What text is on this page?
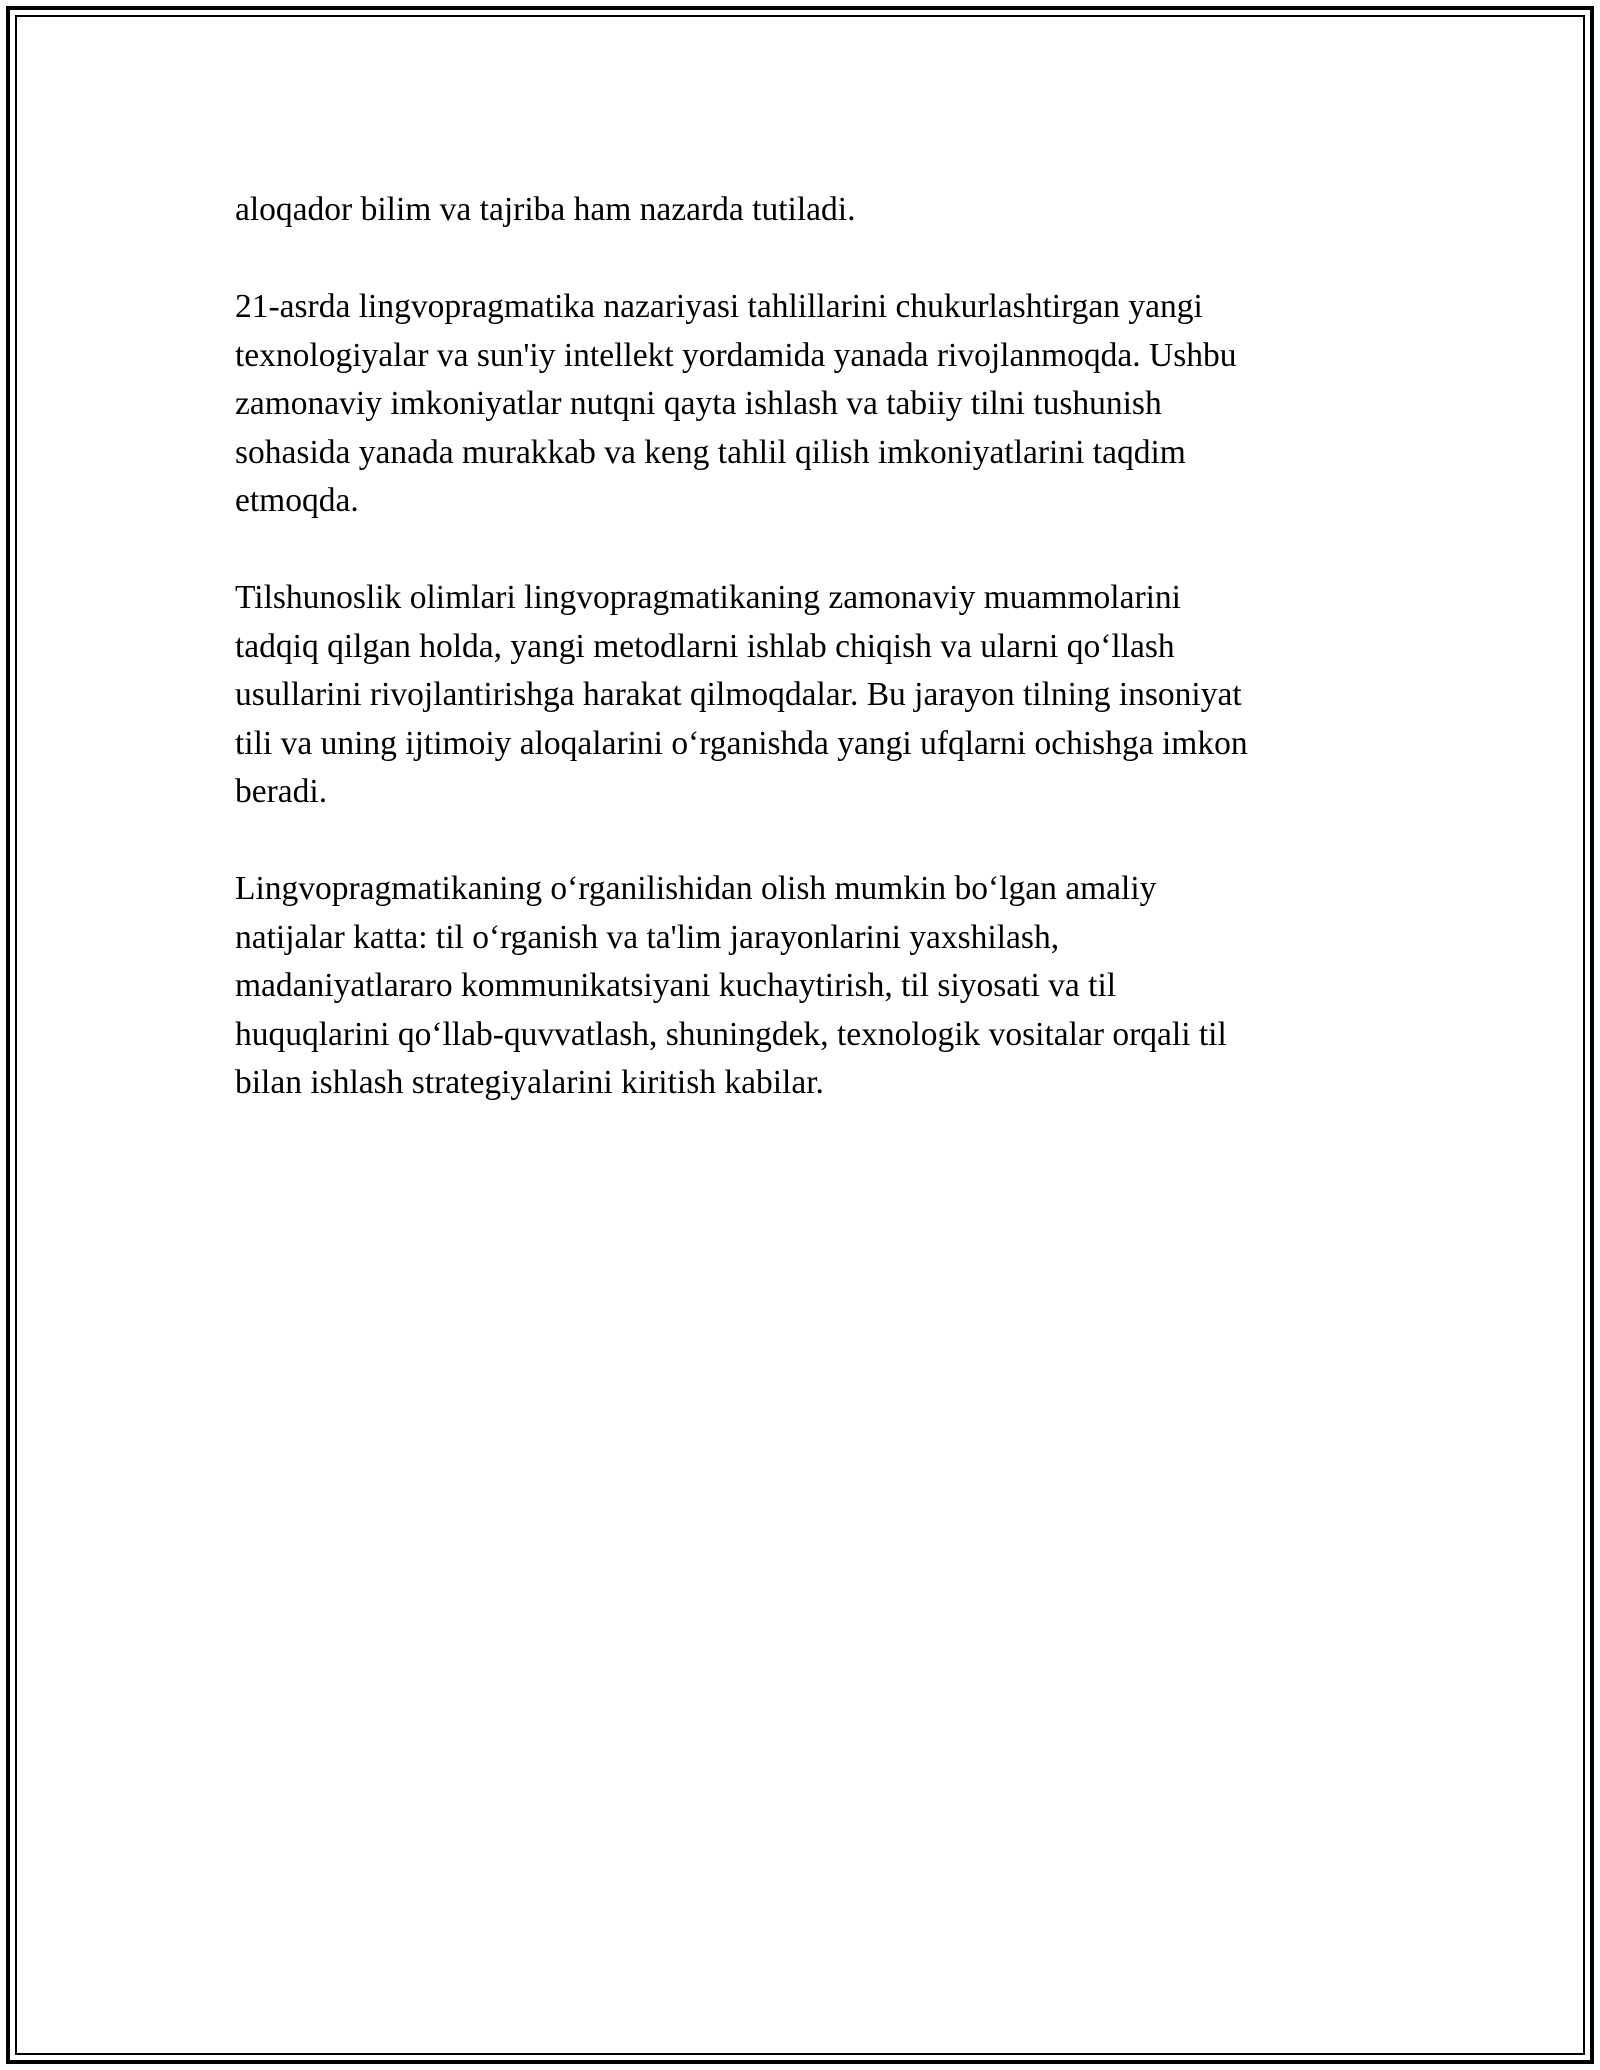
aloqador bilim va tajriba ham nazarda tutiladi.

21-asrda lingvopragmatika nazariyasi tahlillarini chukurlashtirgan yangi
texnologiyalar va sun'iy intellekt yordamida yanada rivojlanmoqda. Ushbu
zamonaviy imkoniyatlar nutqni qayta ishlash va tabiiy tilni tushunish
sohasida yanada murakkab va keng tahlil qilish imkoniyatlarini taqdim
etmoqda.

Tilshunoslik olimlari lingvopragmatikaning zamonaviy muammolarini
tadqiq qilgan holda, yangi metodlarni ishlab chiqish va ularni qo‘llash
usullarini rivojlantirishga harakat qilmoqdalar. Bu jarayon tilning insoniyat
tili va uning ijtimoiy aloqalarini o‘rganishda yangi ufqlarni ochishga imkon
beradi.

Lingvopragmatikaning o‘rganilishidan olish mumkin bo‘lgan amaliy
natijalar katta: til o‘rganish va ta'lim jarayonlarini yaxshilash,
madaniyatlararo kommunikatsiyani kuchaytirish, til siyosati va til
huquqlarini qo‘llab-quvvatlash, shuningdek, texnologik vositalar orqali til
bilan ishlash strategiyalarini kiritish kabilar.
